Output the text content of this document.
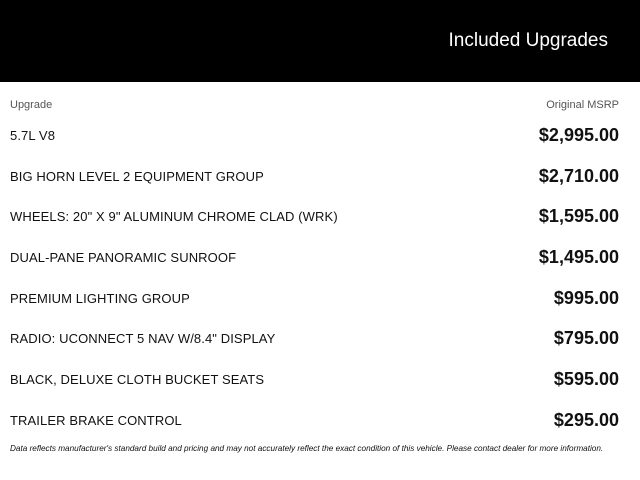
Included Upgrades
Upgrade	Original MSRP
5.7L V8	$2,995.00
BIG HORN LEVEL 2 EQUIPMENT GROUP	$2,710.00
WHEELS: 20" X 9" ALUMINUM CHROME CLAD (WRK)	$1,595.00
DUAL-PANE PANORAMIC SUNROOF	$1,495.00
PREMIUM LIGHTING GROUP	$995.00
RADIO: UCONNECT 5 NAV W/8.4" DISPLAY	$795.00
BLACK, DELUXE CLOTH BUCKET SEATS	$595.00
TRAILER BRAKE CONTROL	$295.00
Data reflects manufacturer's standard build and pricing and may not accurately reflect the exact condition of this vehicle. Please contact dealer for more information.
